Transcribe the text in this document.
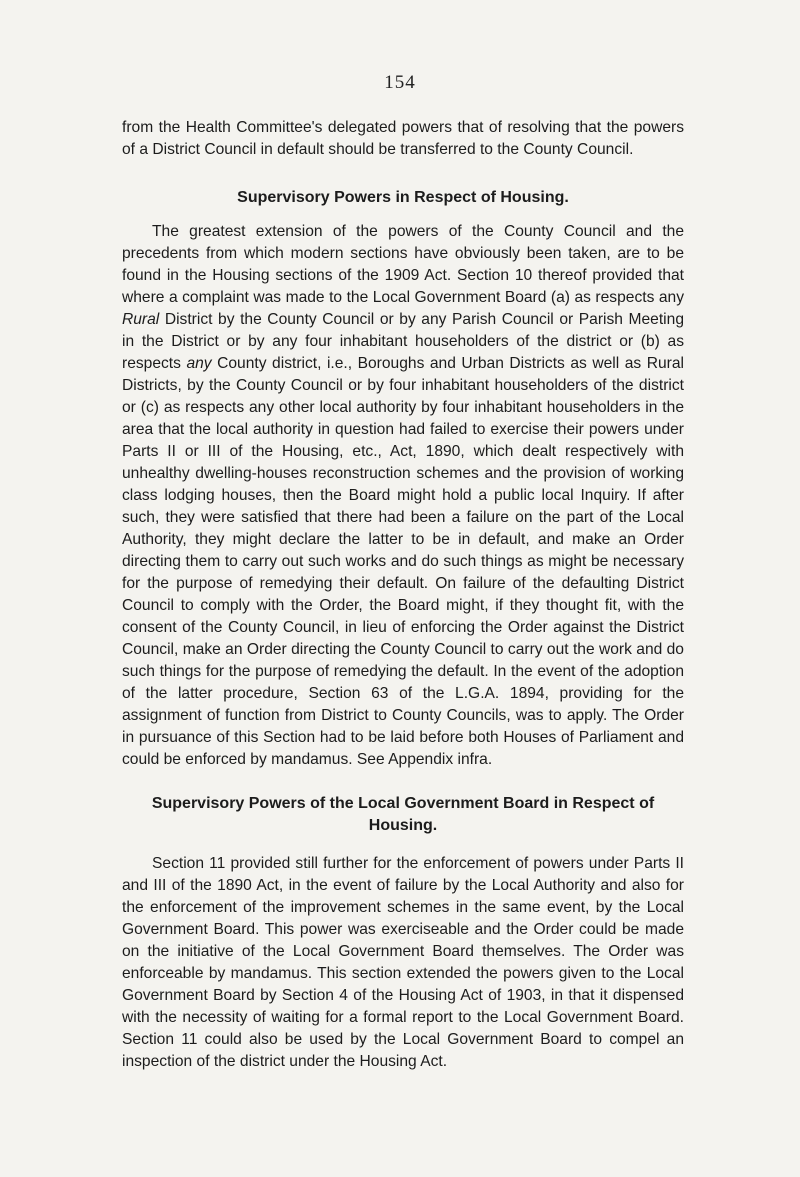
154

from the Health Committee's delegated powers that of resolving that the powers of a District Council in default should be transferred to the County Council.

Supervisory Powers in Respect of Housing.

The greatest extension of the powers of the County Council and the precedents from which modern sections have obviously been taken, are to be found in the Housing sections of the 1909 Act. Section 10 thereof provided that where a complaint was made to the Local Government Board (a) as respects any Rural District by the County Council or by any Parish Council or Parish Meeting in the District or by any four inhabitant householders of the district or (b) as respects any County district, i.e., Boroughs and Urban Districts as well as Rural Districts, by the County Council or by four inhabitant householders of the district or (c) as respects any other local authority by four inhabitant householders in the area that the local authority in question had failed to exercise their powers under Parts II or III of the Housing, etc., Act, 1890, which dealt respectively with unhealthy dwelling-houses reconstruction schemes and the provision of working class lodging houses, then the Board might hold a public local Inquiry. If after such, they were satisfied that there had been a failure on the part of the Local Authority, they might declare the latter to be in default, and make an Order directing them to carry out such works and do such things as might be necessary for the purpose of remedying their default. On failure of the defaulting District Council to comply with the Order, the Board might, if they thought fit, with the consent of the County Council, in lieu of enforcing the Order against the District Council, make an Order directing the County Council to carry out the work and do such things for the purpose of remedying the default. In the event of the adoption of the latter procedure, Section 63 of the L.G.A. 1894, providing for the assignment of function from District to County Councils, was to apply. The Order in pursuance of this Section had to be laid before both Houses of Parliament and could be enforced by mandamus. See Appendix infra.

Supervisory Powers of the Local Government Board in Respect of Housing.

Section 11 provided still further for the enforcement of powers under Parts II and III of the 1890 Act, in the event of failure by the Local Authority and also for the enforcement of the improvement schemes in the same event, by the Local Government Board. This power was exerciseable and the Order could be made on the initiative of the Local Government Board themselves. The Order was enforceable by mandamus. This section extended the powers given to the Local Government Board by Section 4 of the Housing Act of 1903, in that it dispensed with the necessity of waiting for a formal report to the Local Government Board. Section 11 could also be used by the Local Government Board to compel an inspection of the district under the Housing Act.
